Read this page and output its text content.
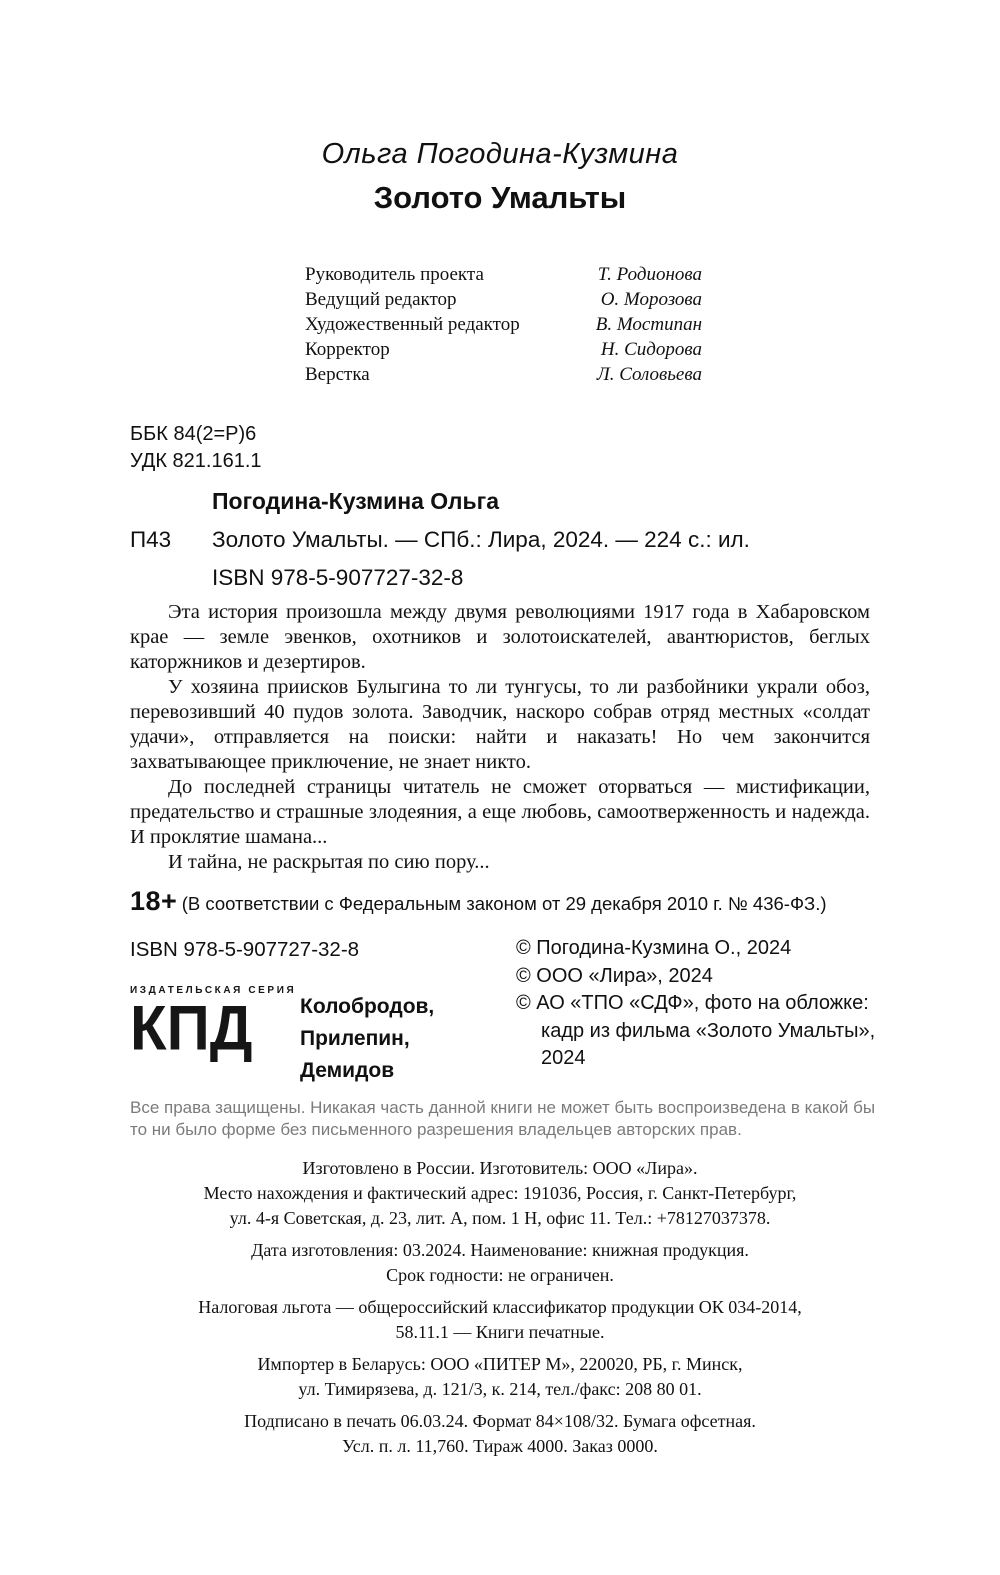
Ольга Погодина-Кузмина
Золото Умальты
Руководитель проекта	Т. Родионова
Ведущий редактор	О. Морозова
Художественный редактор	В. Мостипан
Корректор	Н. Сидорова
Верстка	Л. Соловьева
ББК 84(2=Р)6
УДК 821.161.1
Погодина-Кузмина Ольга
П43	Золото Умальты. — СПб.: Лира, 2024. — 224 с.: ил.
ISBN 978-5-907727-32-8

Эта история произошла между двумя революциями 1917 года в Хабаровском крае — земле эвенков, охотников и золотоискателей, авантюристов, беглых каторжников и дезертиров.

У хозяина приисков Булыгина то ли тунгусы, то ли разбойники украли обоз, перевозивший 40 пудов золота. Заводчик, наскоро собрав отряд местных «солдат удачи», отправляется на поиски: найти и наказать! Но чем закончится захватывающее приключение, не знает никто.

До последней страницы читатель не сможет оторваться — мистификации, предательство и страшные злодеяния, а еще любовь, самоотверженность и надежда. И проклятие шамана...

И тайна, не раскрытая по сию пору...

18+ (В соответствии с Федеральным законом от 29 декабря 2010 г. № 436-ФЗ.)
ISBN 978-5-907727-32-8	© Погодина-Кузмина О., 2024
© ООО «Лира», 2024
© АО «ТПО «СДФ», фото на обложке:
кадр из фильма «Золото Умальты»,
2024
ИЗДАТЕЛЬСКАЯ СЕРИЯ
КПД	Колобродов,
Прилепин,
Демидов
Все права защищены. Никакая часть данной книги не может быть воспроизведена в какой бы то ни было форме без письменного разрешения владельцев авторских прав.
Изготовлено в России. Изготовитель: ООО «Лира».
Место нахождения и фактический адрес: 191036, Россия, г. Санкт-Петербург,
ул. 4-я Советская, д. 23, лит. А, пом. 1 Н, офис 11. Тел.: +78127037378.
Дата изготовления: 03.2024. Наименование: книжная продукция.
Срок годности: не ограничен.
Налоговая льгота — общероссийский классификатор продукции ОК 034-2014,
58.11.1 — Книги печатные.
Импортер в Беларусь: ООО «ПИТЕР М», 220020, РБ, г. Минск,
ул. Тимирязева, д. 121/3, к. 214, тел./факс: 208 80 01.
Подписано в печать 06.03.24. Формат 84×108/32. Бумага офсетная.
Усл. п. л. 11,760. Тираж 4000. Заказ 0000.
